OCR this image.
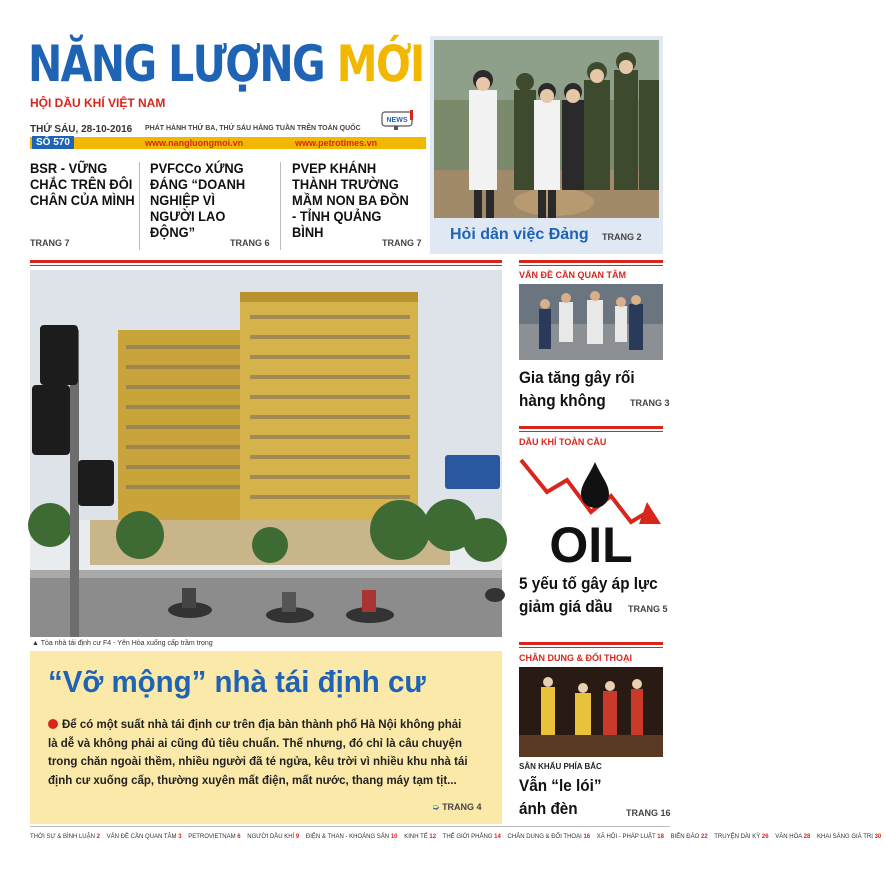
NĂNG LƯỢNG MỚI
HỘI DẦU KHÍ VIỆT NAM
NEWS
THỨ SÁU, 28-10-2016 PHÁT HÀNH THỨ BA, THỨ SÁU HẰNG TUẦN TRÊN TOÀN QUỐC
SỐ 570	www.nangluongmoi.vn	www.petrotimes.vn
BSR - VỮNG CHẮC TRÊN ĐÔI CHÂN CỦA MÌNH
TRANG 7
PVFCCo XỨNG ĐÁNG “DOANH NGHIỆP VÌ NGƯỜI LAO ĐỘNG”
TRANG 6
PVEP KHÁNH THÀNH TRƯỜNG MẦM NON BA ĐỒN - TỈNH QUẢNG BÌNH
TRANG 7 Hỏi dân việc Đảng TRANG 2
▲ Tòa nhà tái định cư F4 - Yên Hòa xuống cấp trầm trọng
“Vỡ mộng” nhà tái định cư
Để có một suất nhà tái định cư trên địa bàn thành phố Hà Nội không phải
là dễ và không phải ai cũng đủ tiêu chuẩn. Thế nhưng, đó chỉ là câu chuyện
trong chăn ngoài thềm, nhiều người đã té ngửa, kêu trời vì nhiều khu nhà tái
định cư xuống cấp, thường xuyên mất điện, mất nước, thang máy tạm tịt...
➭ TRANG 4
VẤN ĐỀ CẦN QUAN TÂM
Gia tăng gây rối
hàng không	TRANG 3
DẦU KHÍ TOÀN CẦU
OIL
5 yếu tố gây áp lực
giảm giá dầu	TRANG 5
CHÂN DUNG & ĐỐI THOẠI
SÂN KHẤU PHÍA BẮC
Vẫn “le lói”
ánh đèn	TRANG 16
THỜI SỰ & BÌNH LUẬN 2 VẤN ĐỀ CẦN QUAN TÂM 3 PETROVIETNAM 6 NGƯỜI DẦU KHÍ 9 ĐIỆN & THAN - KHOÁNG SẢN 10 KINH TẾ 12 THẾ GIỚI PHẲNG 14 CHÂN DUNG & ĐỐI THOẠI 16 XÃ HỘI - PHÁP LUẬT 18 BIỂN ĐẢO 22 TRUYỆN DÀI KỲ 26 VĂN HÓA 28 KHAI SÁNG GIÁ TRỊ 30
